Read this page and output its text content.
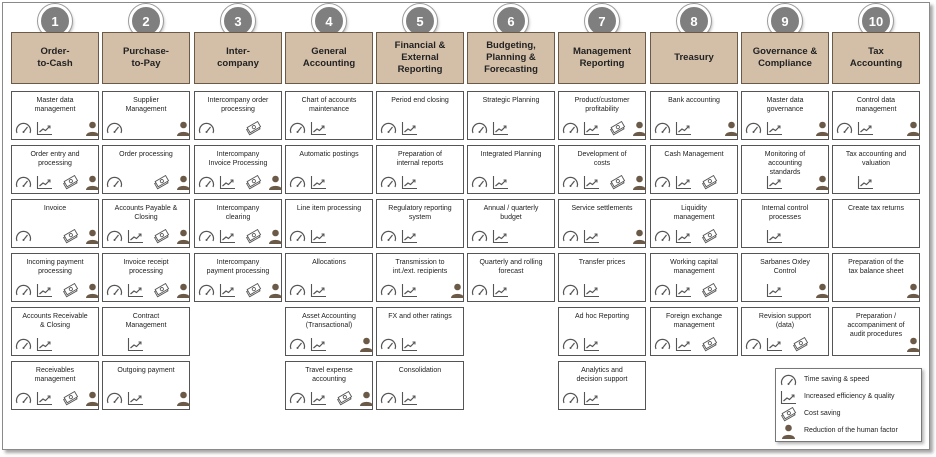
1
Order-
to-Cash
Master data
management
Order entry and
processing
Invoice
Incoming payment
processing
Accounts Receivable
& Closing
Receivables
management
2
Purchase-
to-Pay
Supplier
Management
Order processing
Accounts Payable &
Closing
Invoice receipt
processing
Contract
Management
Outgoing payment
3
Inter-
company
Intercompany order
processing
Intercompany
Invoice Processing
Intercompany
clearing
Intercompany
payment processing
4
General
Accounting
Chart of accounts
maintenance
Automatic postings
Line item processing
Allocations
Asset Accounting
(Transactional)
Travel expense
accounting
5
Financial &
External
Reporting
Period end closing
Preparation of
internal reports
Regulatory reporting
system
Transmission to
int./ext. recipients
FX and other ratings
Consolidation
6
Budgeting,
Planning &
Forecasting
Strategic Planning
Integrated Planning
Annual / quarterly
budget
Quarterly and rolling
forecast
7
Management
Reporting
Product/customer
profitability
Development of
costs
Service settlements
Transfer prices
Ad hoc Reporting
Analytics and
decision support
8
Treasury
Bank accounting
Cash Management
Liquidity
management
Working capital
management
Foreign exchange
management
9
Governance &
Compliance
Master data
governance
Monitoring of
accounting
standards
Internal control
processes
Sarbanes Oxley
Control
Revision support
(data)
10
Tax
Accounting
Control data
management
Tax accounting and
valuation
Create tax returns
Preparation of the
tax balance sheet
Preparation /
accompaniment of
audit procedures
Time saving & speed
Increased efficiency & quality
Cost saving
Reduction of the human factor
